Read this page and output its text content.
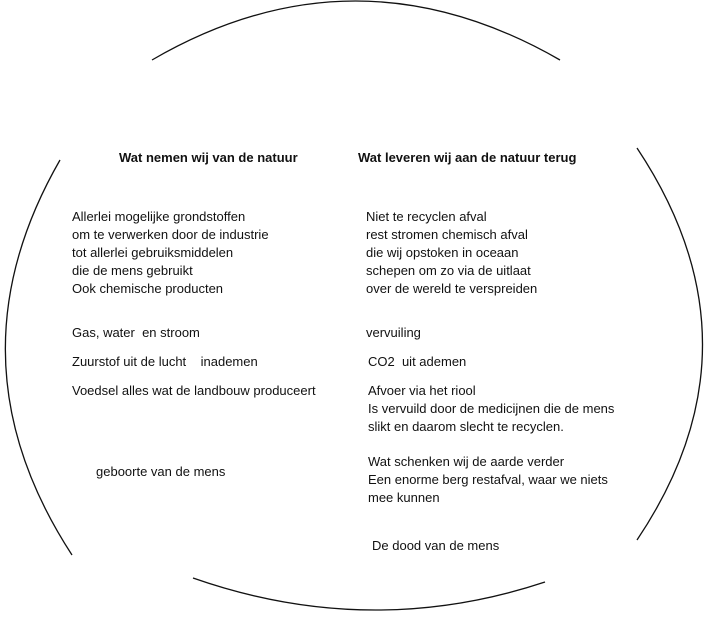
Wat nemen wij van de natuur
Allerlei mogelijke grondstoffen
om te verwerken door de industrie
tot allerlei gebruiksmiddelen
die de mens gebruikt
Ook chemische producten
Gas, water  en stroom
Zuurstof uit de lucht    inademen
Voedsel alles wat de landbouw produceert
geboorte van de mens
Wat leveren wij aan de natuur terug
Niet te recyclen afval
rest stromen chemisch afval
die wij opstoken in oceaan
schepen om zo via de uitlaat
over de wereld te verspreiden
vervuiling
CO2  uit ademen
Afvoer via het riool
Is vervuild door de medicijnen die de mens
slikt en daarom slecht te recyclen.
Wat schenken wij de aarde verder
Een enorme berg restafval, waar we niets
mee kunnen
De dood van de mens
